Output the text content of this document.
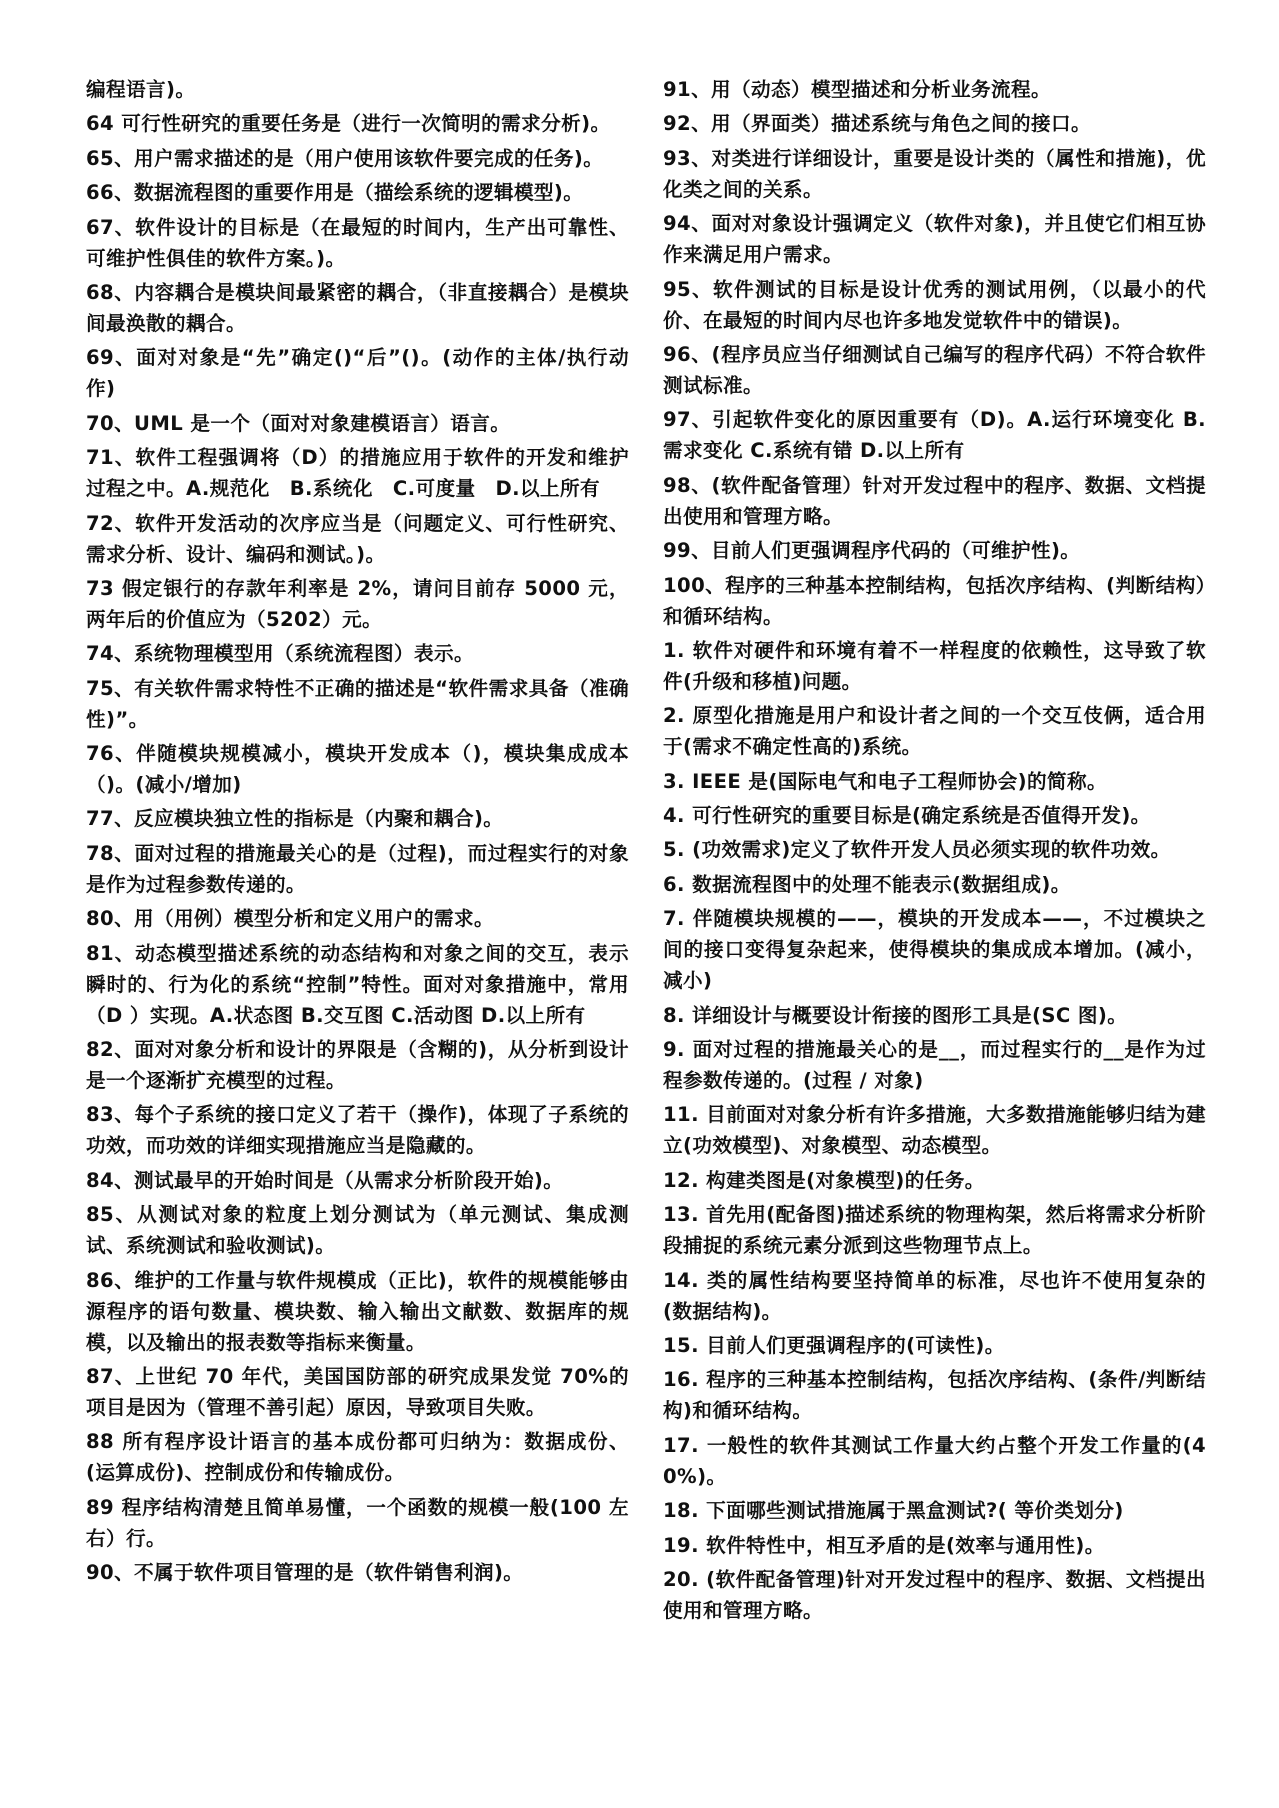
编程语言)。

64 可行性研究的重要任务是（进行一次简明的需求分析)。

65、用户需求描述的是（用户使用该软件要完成的任务)。

66、数据流程图的重要作用是（描绘系统的逻辑模型)。

67、软件设计的目标是（在最短的时间内，生产出可靠性、可维护性俱佳的软件方案。)。

68、内容耦合是模块间最紧密的耦合，（非直接耦合）是模块间最涣散的耦合。

69、面对对象是“先”确定()“后”()。(动作的主体/执行动作)

70、UML 是一个（面对对象建模语言）语言。

71、软件工程强调将（D）的措施应用于软件的开发和维护过程之中。A.规范化　B.系统化　C.可度量　D.以上所有

72、软件开发活动的次序应当是（问题定义、可行性研究、需求分析、设计、编码和测试。)。

73 假定银行的存款年利率是 2%，请问目前存 5000 元，两年后的价值应为（5202）元。

74、系统物理模型用（系统流程图）表示。

75、有关软件需求特性不正确的描述是“软件需求具备（准确性)”。

76、伴随模块规模减小，模块开发成本（)，模块集成成本（)。(减小/增加)

77、反应模块独立性的指标是（内聚和耦合)。

78、面对过程的措施最关心的是（过程)，而过程实行的对象是作为过程参数传递的。

80、用（用例）模型分析和定义用户的需求。

81、动态模型描述系统的动态结构和对象之间的交互，表示瞬时的、行为化的系统“控制”特性。面对对象措施中，常用（D ）实现。A.状态图 B.交互图 C.活动图 D.以上所有

82、面对对象分析和设计的界限是（含糊的)，从分析到设计是一个逐渐扩充模型的过程。

83、每个子系统的接口定义了若干（操作)，体现了子系统的功效，而功效的详细实现措施应当是隐藏的。

84、测试最早的开始时间是（从需求分析阶段开始)。

85、从测试对象的粒度上划分测试为（单元测试、集成测试、系统测试和验收测试)。

86、维护的工作量与软件规模成（正比)，软件的规模能够由源程序的语句数量、模块数、输入输出文献数、数据库的规模，以及输出的报表数等指标来衡量。

87、上世纪 70 年代，美国国防部的研究成果发觉 70%的项目是因为（管理不善引起）原因，导致项目失败。

88 所有程序设计语言的基本成份都可归纳为：数据成份、(运算成份)、控制成份和传输成份。

89 程序结构清楚且简单易懂，一个函数的规模一般(100 左右）行。

90、不属于软件项目管理的是（软件销售利润)。

91、用（动态）模型描述和分析业务流程。

92、用（界面类）描述系统与角色之间的接口。

93、对类进行详细设计，重要是设计类的（属性和措施)，优化类之间的关系。

94、面对对象设计强调定义（软件对象)，并且使它们相互协作来满足用户需求。

95、软件测试的目标是设计优秀的测试用例，（以最小的代价、在最短的时间内尽也许多地发觉软件中的错误)。

96、(程序员应当仔细测试自己编写的程序代码）不符合软件测试标准。

97、引起软件变化的原因重要有（D)。A.运行环境变化 B. 需求变化 C.系统有错 D.以上所有

98、(软件配备管理）针对开发过程中的程序、数据、文档提出使用和管理方略。

99、目前人们更强调程序代码的（可维护性)。

100、程序的三种基本控制结构，包括次序结构、(判断结构）和循环结构。

1. 软件对硬件和环境有着不一样程度的依赖性，这导致了软件(升级和移植)问题。

2. 原型化措施是用户和设计者之间的一个交互伎俩，适合用于(需求不确定性高的)系统。

3. IEEE 是(国际电气和电子工程师协会)的简称。

4. 可行性研究的重要目标是(确定系统是否值得开发)。

5. (功效需求)定义了软件开发人员必须实现的软件功效。

6. 数据流程图中的处理不能表示(数据组成)。

7. 伴随模块规模的——，模块的开发成本——，不过模块之间的接口变得复杂起来，使得模块的集成成本增加。(减小，减小)

8. 详细设计与概要设计衔接的图形工具是(SC 图)。

9. 面对过程的措施最关心的是__，而过程实行的__是作为过程参数传递的。(过程 / 对象)

11. 目前面对对象分析有许多措施，大多数措施能够归结为建立(功效模型)、对象模型、动态模型。

12. 构建类图是(对象模型)的任务。

13. 首先用(配备图)描述系统的物理构架，然后将需求分析阶段捕捉的系统元素分派到这些物理节点上。

14. 类的属性结构要坚持简单的标准，尽也许不使用复杂的(数据结构)。

15. 目前人们更强调程序的(可读性)。

16. 程序的三种基本控制结构，包括次序结构、(条件/判断结构)和循环结构。

17. 一般性的软件其测试工作量大约占整个开发工作量的(40%)。

18. 下面哪些测试措施属于黑盒测试?( 等价类划分)

19. 软件特性中，相互矛盾的是(效率与通用性)。

20. (软件配备管理)针对开发过程中的程序、数据、文档提出使用和管理方略。
